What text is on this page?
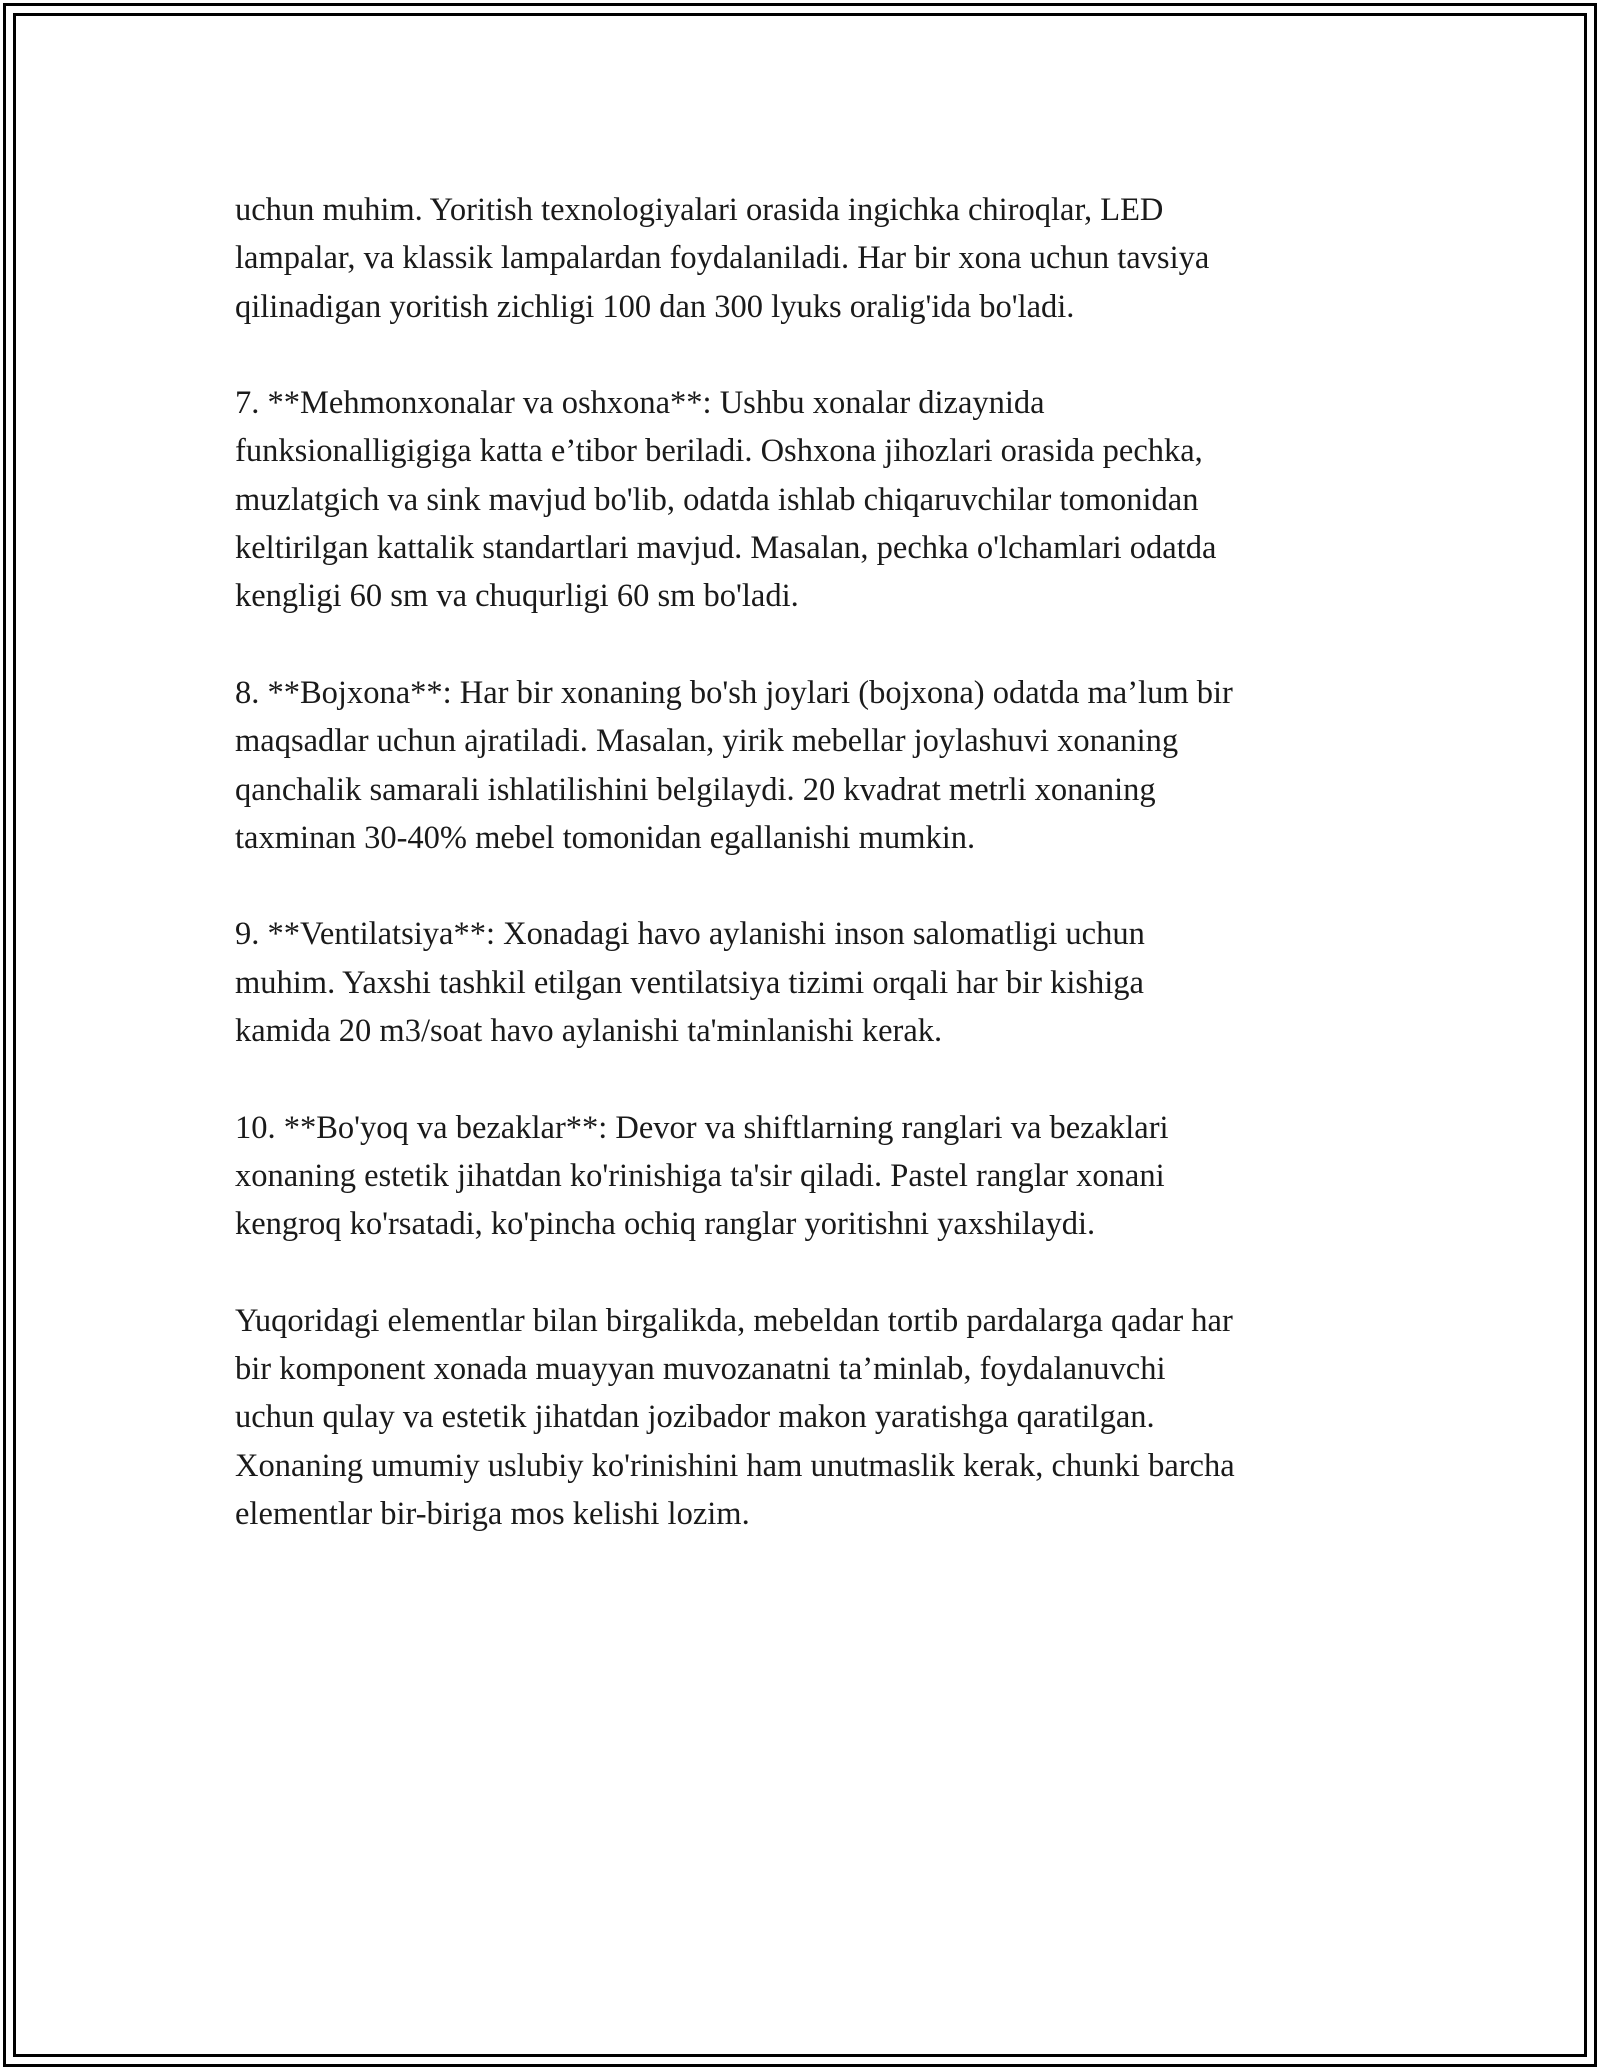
uchun muhim. Yoritish texnologiyalari orasida ingichka chiroqlar, LED
lampalar, va klassik lampalardan foydalaniladi. Har bir xona uchun tavsiya
qilinadigan yoritish zichligi 100 dan 300 lyuks oralig'ida bo'ladi.

7. **Mehmonxonalar va oshxona**: Ushbu xonalar dizaynida
funksionalligigiga katta e’tibor beriladi. Oshxona jihozlari orasida pechka,
muzlatgich va sink mavjud bo'lib, odatda ishlab chiqaruvchilar tomonidan
keltirilgan kattalik standartlari mavjud. Masalan, pechka o'lchamlari odatda
kengligi 60 sm va chuqurligi 60 sm bo'ladi.

8. **Bojxona**: Har bir xonaning bo'sh joylari (bojxona) odatda ma’lum bir
maqsadlar uchun ajratiladi. Masalan, yirik mebellar joylashuvi xonaning
qanchalik samarali ishlatilishini belgilaydi. 20 kvadrat metrli xonaning
taxminan 30-40% mebel tomonidan egallanishi mumkin.

9. **Ventilatsiya**: Xonadagi havo aylanishi inson salomatligi uchun
muhim. Yaxshi tashkil etilgan ventilatsiya tizimi orqali har bir kishiga
kamida 20 m3/soat havo aylanishi ta'minlanishi kerak.

10. **Bo'yoq va bezaklar**: Devor va shiftlarning ranglari va bezaklari
xonaning estetik jihatdan ko'rinishiga ta'sir qiladi. Pastel ranglar xonani
kengroq ko'rsatadi, ko'pincha ochiq ranglar yoritishni yaxshilaydi.

Yuqoridagi elementlar bilan birgalikda, mebeldan tortib pardalarga qadar har
bir komponent xonada muayyan muvozanatni ta’minlab, foydalanuvchi
uchun qulay va estetik jihatdan jozibador makon yaratishga qaratilgan.
Xonaning umumiy uslubiy ko'rinishini ham unutmaslik kerak, chunki barcha
elementlar bir-biriga mos kelishi lozim.
